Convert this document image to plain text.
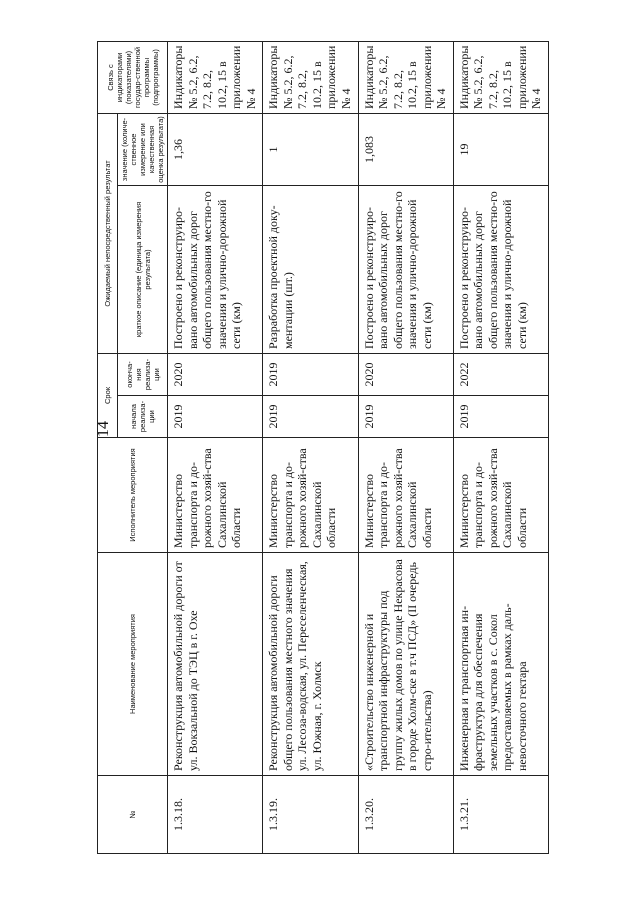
14
№	Наименование мероприятия	Исполнитель мероприятия	Срок		Ожидаемый непосредственный результат		Связь с индикаторами (показателями) государ-ственной программы (подпрограммы)
			начала реализа-ции	оконча-ния реализа-ции	краткое описание (единица измерения результата)	значение (количе-ственное измерение или качественная оценка результата)	
1.3.18.	Реконструкция автомобильной дороги от ул. Вокзальной до ТЭЦ в г. Охе	Министерство транспорта и до-рожного хозяй-ства Сахалинской области	2019	2020	Построено и реконструиро-вано автомобильных дорог общего пользования местно-го значения и улично-дорожной сети (км)	1,36	Индикаторы № 5.2, 6.2, 7.2, 8.2, 10.2, 15 в приложении № 4
1.3.19.	Реконструкция автомобильной дороги общего пользования местного значения ул. Лесоза-водская, ул. Переселенческая, ул. Южная, г. Холмск	Министерство транспорта и до-рожного хозяй-ства Сахалинской области	2019	2019	Разработка проектной доку-ментации (шт.)	1	Индикаторы № 5.2, 6.2, 7.2, 8.2, 10.2, 15 в приложении № 4
1.3.20.	«Строительство инженерной и транспортной инфраструктуры под группу жилых домов по улице Некрасова в городе Холм-ске в т.ч ПСД» (II очередь стро-ительства)	Министерство транспорта и до-рожного хозяй-ства Сахалинской области	2019	2020	Построено и реконструиро-вано автомобильных дорог общего пользования местно-го значения и улично-дорожной сети (км)	1,083	Индикаторы № 5.2, 6.2, 7.2, 8.2, 10.2, 15 в приложении № 4
1.3.21.	Инженерная и транспортная ин-фраструктура для обеспечения земельных участков в с. Сокол предоставляемых в рамках даль-невосточного гектара	Министерство транспорта и до-рожного хозяй-ства Сахалинской области	2019	2022	Построено и реконструиро-вано автомобильных дорог общего пользования местно-го значения и улично-дорожной сети (км)	19	Индикаторы № 5.2, 6.2, 7.2, 8.2, 10.2, 15 в приложении № 4
